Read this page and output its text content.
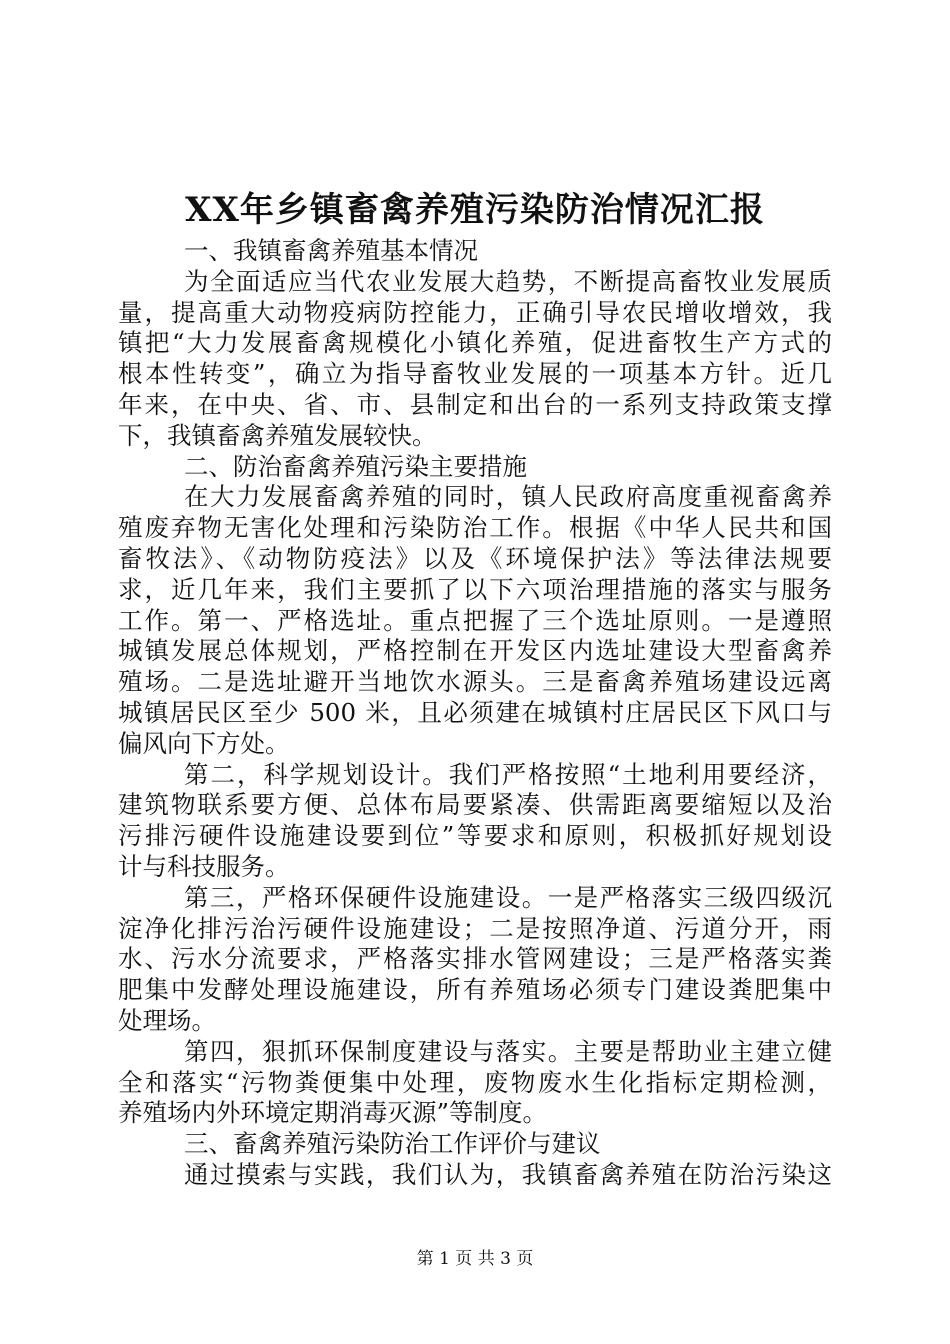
XX年乡镇畜禽养殖污染防治情况汇报
一、我镇畜禽养殖基本情况
为全面适应当代农业发展大趋势，不断提高畜牧业发展质
量，提高重大动物疫病防控能力，正确引导农民增收增效，我
镇把“大力发展畜禽规模化小镇化养殖，促进畜牧生产方式的
根本性转变”，确立为指导畜牧业发展的一项基本方针。近几
年来，在中央、省、市、县制定和出台的一系列支持政策支撑
下，我镇畜禽养殖发展较快。
二、防治畜禽养殖污染主要措施
在大力发展畜禽养殖的同时，镇人民政府高度重视畜禽养
殖废弃物无害化处理和污染防治工作。根据《中华人民共和国
畜牧法》、《动物防疫法》以及《环境保护法》等法律法规要
求，近几年来，我们主要抓了以下六项治理措施的落实与服务
工作。第一、严格选址。重点把握了三个选址原则。一是遵照
城镇发展总体规划，严格控制在开发区内选址建设大型畜禽养
殖场。二是选址避开当地饮水源头。三是畜禽养殖场建设远离
城镇居民区至少 500 米，且必须建在城镇村庄居民区下风口与
偏风向下方处。
第二，科学规划设计。我们严格按照“土地利用要经济，
建筑物联系要方便、总体布局要紧凑、供需距离要缩短以及治
污排污硬件设施建设要到位”等要求和原则，积极抓好规划设
计与科技服务。
第三，严格环保硬件设施建设。一是严格落实三级四级沉
淀净化排污治污硬件设施建设；二是按照净道、污道分开，雨
水、污水分流要求，严格落实排水管网建设；三是严格落实粪
肥集中发酵处理设施建设，所有养殖场必须专门建设粪肥集中
处理场。
第四，狠抓环保制度建设与落实。主要是帮助业主建立健
全和落实“污物粪便集中处理，废物废水生化指标定期检测，
养殖场内外环境定期消毒灭源”等制度。
三、畜禽养殖污染防治工作评价与建议
通过摸索与实践，我们认为，我镇畜禽养殖在防治污染这
第 1 页 共 3 页
